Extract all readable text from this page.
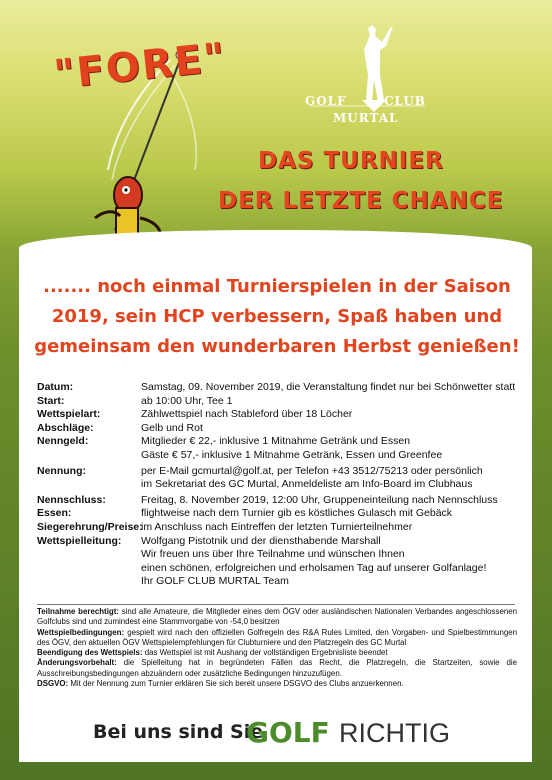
"FORE"
GOLF	CLUB
MURTAL
DAS TURNIER
DER LETZTE CHANCE
....... noch einmal Turnierspielen in der Saison
2019, sein HCP verbessern, Spaß haben und
gemeinsam den wunderbaren Herbst genießen!
Datum:	Samstag, 09. November 2019, die Veranstaltung findet nur bei Schönwetter statt
Start:	ab 10:00 Uhr, Tee 1
Wettspielart:	Zählwettspiel nach Stableford über 18 Löcher
Abschläge:	Gelb und Rot
Nenngeld:	Mitglieder € 22,- inklusive 1 Mitnahme Getränk und Essen
Gäste € 57,- inklusive 1 Mitnahme Getränk, Essen und Greenfee
Nennung:	per E-Mail gcmurtal@golf.at, per Telefon +43 3512/75213 oder persönlich
im Sekretariat des GC Murtal, Anmeldeliste am Info-Board im Clubhaus
Nennschluss:	Freitag, 8. November 2019, 12:00 Uhr, Gruppeneinteilung nach Nennschluss
Essen:	flightweise nach dem Turnier gib es köstliches Gulasch mit Gebäck
Siegerehrung/Preise:
im Anschluss nach Eintreffen der letzten Turnierteilnehmer
Wettspielleitung: Wolfgang Pistotnik und der diensthabende Marshall
Wir freuen uns über Ihre Teilnahme und wünschen Ihnen
einen schönen, erfolgreichen und erholsamen Tag auf unserer Golfanlage!
Ihr GOLF CLUB MURTAL Team
Teilnahme berechtigt: sind alle Amateure, die Mitglieder eines dem ÖGV oder ausländischen Nationalen Verbandes angeschlossenen Golfclubs sind und zumindest eine Stammvorgabe von -54,0 besitzen
Wettspielbedingungen: gespielt wird nach den offiziellen Golfregeln des R&A Rules Limited, den Vorgaben- und Spielbestimmungen des ÖGV, den aktuellen ÖGV Wettspielempfehlungen für Clubturniere und den Platzregeln des GC Murtal
Beendigung des Wettspiels: das Wettspiel ist mit Aushang der vollständigen Ergebnisliste beendet
Änderungsvorbehalt: die Spielleitung hat in begründeten Fällen das Recht, die Platzregeln, die Startzeiten, sowie die Ausschreibungsbedingungen abzuändern oder zusätzliche Bedingungen hinzuzufügen.
DSGVO: Mit der Nennung zum Turnier erklären Sie sich bereit unsere DSGVO des Clubs anzuerkennen.
Bei uns sind Sie
GOLF RICHTIG
